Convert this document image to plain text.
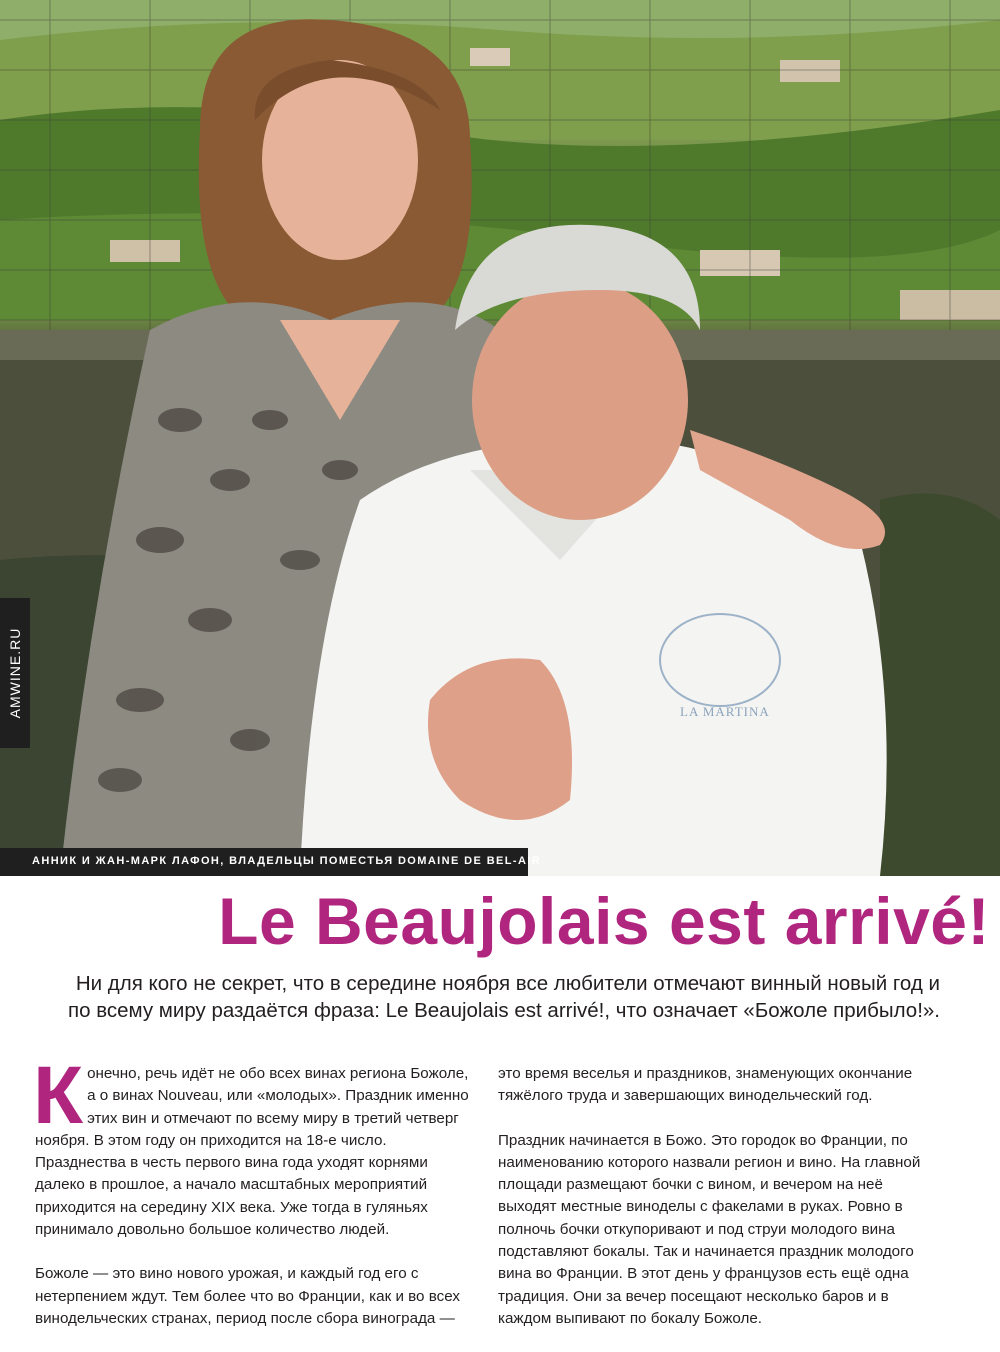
LA MARTINA
AMWINE.RU
АННИК И ЖАН-МАРК ЛАФОН, ВЛАДЕЛЬЦЫ ПОМЕСТЬЯ DOMAINE DE BEL-AIR
Le Beaujolais est arrivé!
Ни для кого не секрет, что в середине ноября все любители отмечают винный новый год и по всему миру раздаётся фраза: Le Beaujolais est arrivé!, что означает «Божоле прибыло!».

Конечно, речь идёт не обо всех винах региона Божоле, а о винах Nouveau, или «молодых». Праздник именно этих вин и отмечают по всему миру в третий четверг ноября. В этом году он приходится на 18-е число. Празднества в честь первого вина года уходят корнями далеко в прошлое, а начало масштабных мероприятий приходится на середину XIX века. Уже тогда в гуляньях принимало довольно большое количество людей.

Божоле — это вино нового урожая, и каждый год его с нетерпением ждут. Тем более что во Франции, как и во всех винодельческих странах, период после сбора винограда —

это время веселья и праздников, знаменующих окончание тяжёлого труда и завершающих винодельческий год.

Праздник начинается в Божо. Это городок во Франции, по наименованию которого назвали регион и вино. На главной площади размещают бочки с вином, и вечером на неё выходят местные виноделы с факелами в руках. Ровно в полночь бочки откупоривают и под струи молодого вина подставляют бокалы. Так и начинается праздник молодого вина во Франции. В этот день у французов есть ещё одна традиция. Они за вечер посещают несколько баров и в каждом выпивают по бокалу Божоле.
